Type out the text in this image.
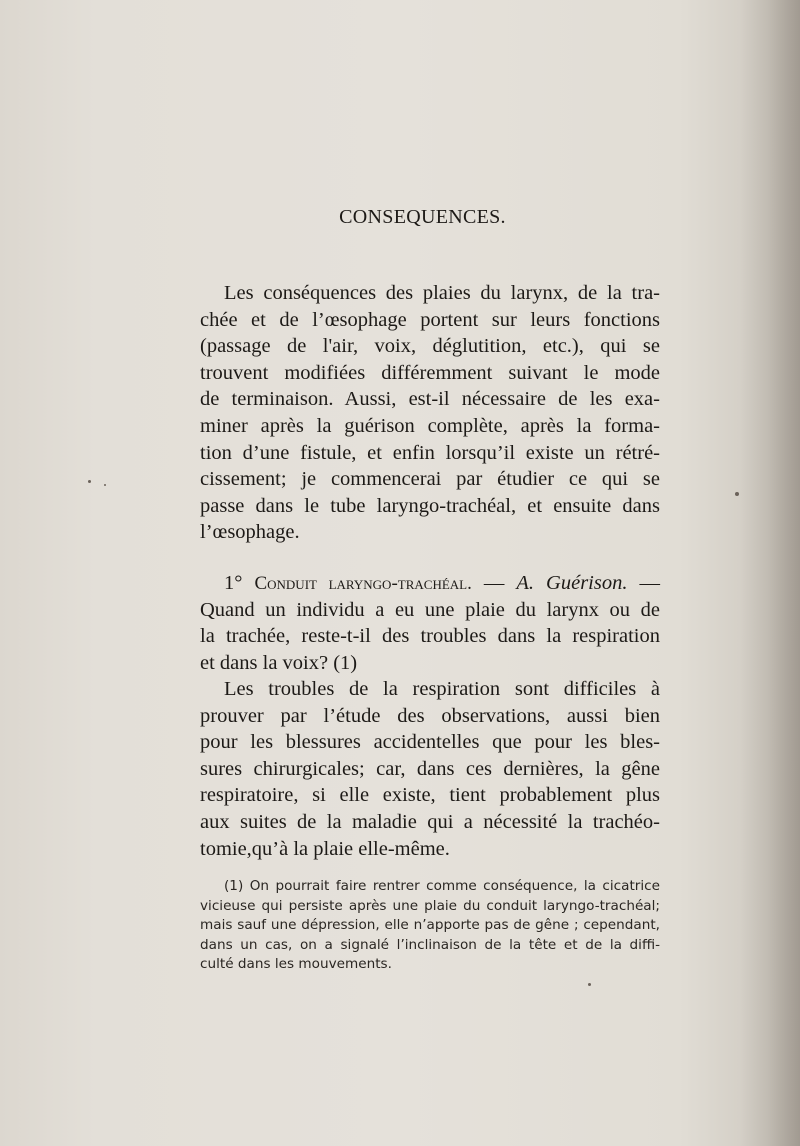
CONSEQUENCES.
Les conséquences des plaies du larynx, de la tra-
chée et de l’œsophage portent sur leurs fonctions
(passage de l'air, voix, déglutition, etc.), qui se
trouvent modifiées différemment suivant le mode
de terminaison. Aussi, est-il nécessaire de les exa-
miner après la guérison complète, après la forma-
tion d’une fistule, et enfin lorsqu’il existe un rétré-
cissement; je commencerai par étudier ce qui se
passe dans le tube laryngo-trachéal, et ensuite dans
l’œsophage.
1° Conduit laryngo-trachéal. — A. Guérison. —
Quand un individu a eu une plaie du larynx ou de
la trachée, reste-t-il des troubles dans la respiration
et dans la voix? (1)
Les troubles de la respiration sont difficiles à
prouver par l’étude des observations, aussi bien
pour les blessures accidentelles que pour les bles-
sures chirurgicales; car, dans ces dernières, la gêne
respiratoire, si elle existe, tient probablement plus
aux suites de la maladie qui a nécessité la trachéo-
tomie,qu’à la plaie elle-même.
(1) On pourrait faire rentrer comme conséquence, la cicatrice
vicieuse qui persiste après une plaie du conduit laryngo-trachéal;
mais sauf une dépression, elle n’apporte pas de gêne ; cependant,
dans un cas, on a signalé l’inclinaison de la tête et de la diffi-
culté dans les mouvements.
